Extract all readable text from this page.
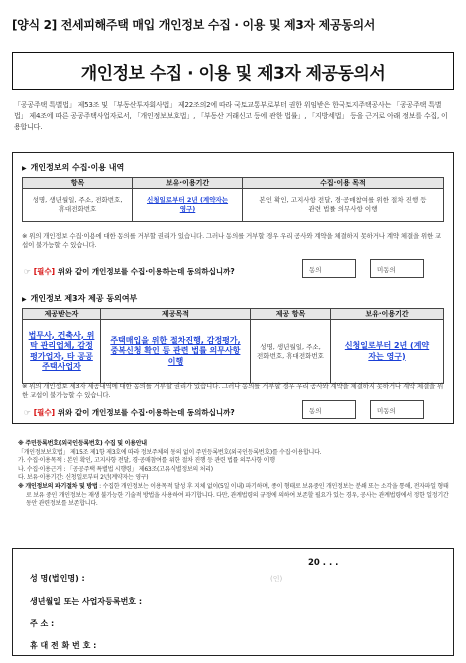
[양식 2] 전세피해주택 매입 개인정보 수집 · 이용 및 제3자 제공동의서
개인정보 수집 · 이용 및 제3자 제공동의서
「공공주택 특별법」 제53조 및 「부동산투자회사법」 제22조의2에 따라 국토교통부로부터 권한 위임받은 한국토지주택공사는 「공공주택 특별법」 제4조에 따른 공공주택사업자로서, 「개인정보보호법」, 「부동산 거래신고 등에 관한 법률」, 「지방세법」 등을 근거로 아래 정보를 수집, 이용합니다.
▶ 개인정보의 수집·이용 내역
항목	보유·이용기간	수집·이용 목적
성명, 생년월일, 주소, 전화번호, 휴대전화번호	신청일로부터 2년 (계약자는 영구)	본인 확인, 고지사항 전달, 경·공매참여를 위한 절차 진행 등 관련 법률 의무사항 이행
※ 위의 개인정보 수집·이용에 대한 동의를 거부할 권리가 있습니다. 그러나 동의를 거부할 경우 우리 공사와 계약을 체결하지 못하거나 계약 체결을 위한 교섭이 불가능할 수 있습니다.
☞ [필수] 위와 같이 개인정보를 수집·이용하는데 동의하십니까?	동의	미동의
▶ 개인정보 제3자 제공 동의여부
제공받는자	제공목적	제공 항목	보유·이용기간
법무사, 건축사, 위탁 관리업체, 감정평가업자, 타 공공주택사업자	주택매입을 위한 절차진행, 감정평가, 중복신청 확인 등 관련 법률 의무사항 이행	성명, 생년월일, 주소, 전화번호, 휴대전화번호	신청일로부터 2년 (계약자는 영구)
※ 위의 개인정보 제3자 제공내역에 대한 동의를 거부할 권리가 있습니다. 그러나 동의를 거부할 경우 우리 공사와 계약을 체결하지 못하거나 계약 체결을 위한 교섭이 불가능할 수 있습니다.
☞ [필수] 위와 같이 개인정보를 수집·이용하는데 동의하십니까?	동의	미동의
※ 주민등록번호(외국인등록번호) 수집 및 이용안내
「개인정보보호법」 제15조 제1항 제3호에 따라 정보주체의 동의 없이 주민등록번호(외국인등록번호)를 수집·이용합니다.
가. 수집·이용목적 : 본인 확인, 고지사항 전달, 경·공매참여를 위한 절차 진행 등 관련 법률 의무사항 이행
나. 수집·이용근거 : 「공공주택 특별법 시행령」 제63조(고유식별정보의 처리)
다. 보유·이용기간: 신청일로부터 2년(계약자는 영구)
※ 개인정보의 파기절차 및 방법 : 수집한 개인정보는 이용목적 달성 후 지체 없이(5일 이내) 파기하며, 종이 형태로 보유중인 개인정보는 분쇄 또는 소각을 통해, 전자파일 형태로 보유 중인 개인정보는 재생 불가능한 기술적 방법을 사용하여 파기합니다. 다만, 관계법령의 규정에 의하여 보존할 필요가 있는 경우, 공사는 관계법령에서 정한 일정기간 동안 관련정보를 보존합니다.
20 . . .
성 명(법인명) :	(인)
생년월일 또는 사업자등록번호 :
주 소 :
휴 대 전 화 번 호 :
